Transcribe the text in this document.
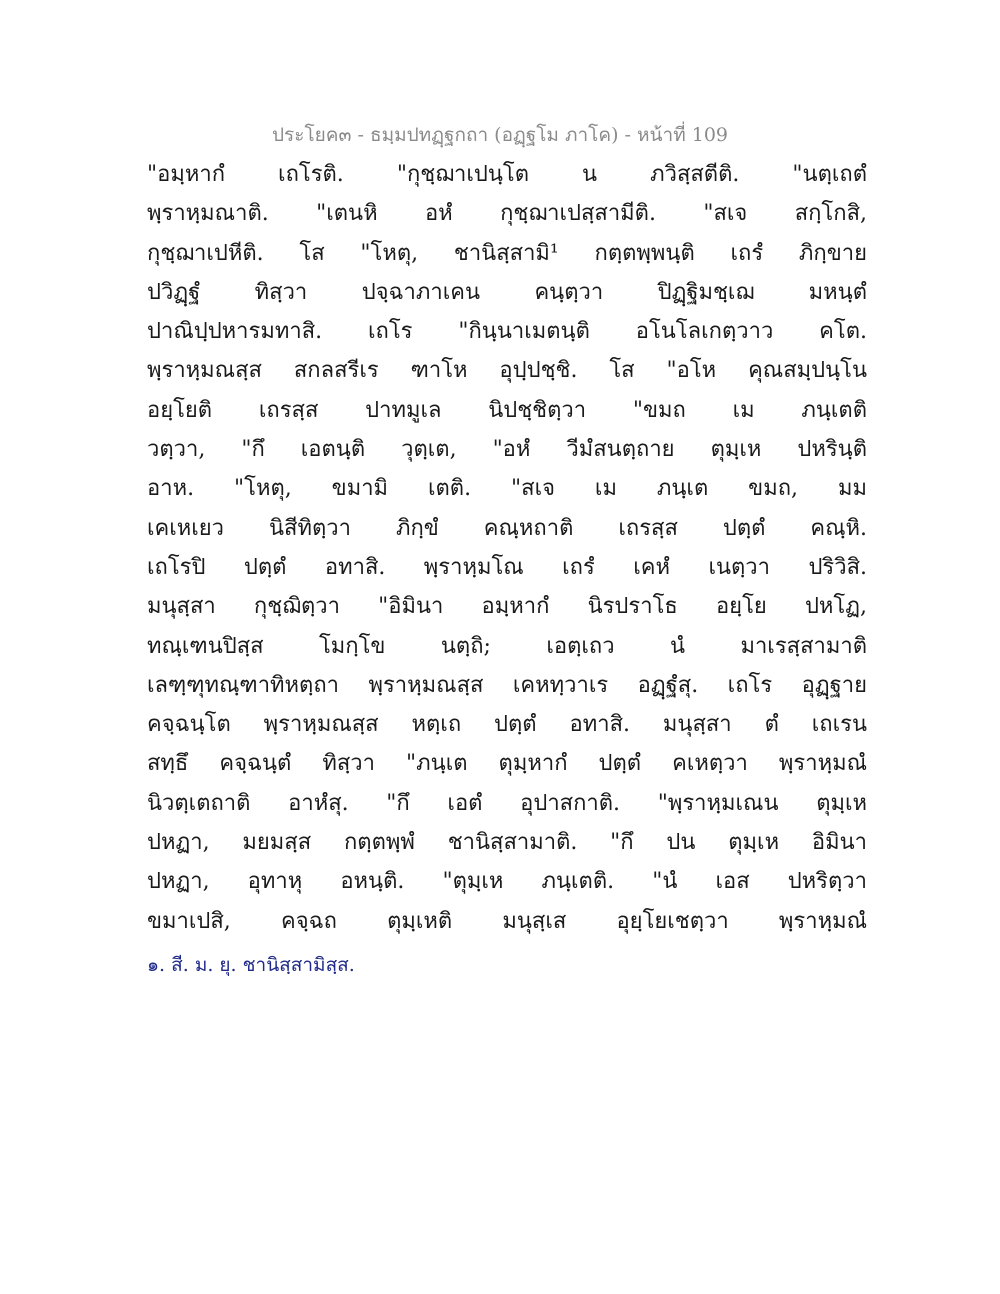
ประโยค๓ - ธมฺมปทฏฺฐกถา (อฏฺฐโม ภาโค) - หน้าที่ 109
"อมฺหากํ เถโรติ. "กุชฺฌาเปนฺโต น ภวิสฺสตีติ. "นตฺเถตํ
พฺราหฺมณาติ. "เตนหิ อหํ กุชฺฌาเปสฺสามีติ. "สเจ สกฺโกสิ,
กุชฺฌาเปหีติ. โส "โหตุ, ชานิสฺสามิ¹ กตฺตพฺพนฺติ เถรํ ภิกฺขาย
ปวิฏฺฐํ ทิสฺวา ปจฺฉาภาเคน คนฺตฺวา ปิฏฺฐิมชฺเฌ มหนฺตํ
ปาณิปฺปหารมทาสิ. เถโร "กินฺนาเมตนฺติ อโนโลเกตฺวาว คโต.
พฺราหฺมณสฺส สกลสรีเร ฑาโห อุปฺปชฺชิ. โส "อโห คุณสมฺปนฺโน
อยฺโยติ เถรสฺส ปาทมูเล นิปชฺชิตฺวา "ขมถ เม ภนฺเตติ
วตฺวา, "กึ เอตนฺติ วุตฺเต, "อหํ วีมํสนตฺถาย ตุมฺเห ปหรินฺติ
อาห. "โหตุ, ขมามิ เตติ. "สเจ เม ภนฺเต ขมถ, มม
เคเหเยว นิสีทิตฺวา ภิกฺขํ คณฺหถาติ เถรสฺส ปตฺตํ คณฺหิ.
เถโรปิ ปตฺตํ อทาสิ. พฺราหฺมโณ เถรํ เคหํ เนตฺวา ปริวิสิ.
มนุสฺสา กุชฺฌิตฺวา "อิมินา อมฺหากํ นิรปราโธ อยฺโย ปหโฏ,
ทณฺเฑนปิสฺส โมกฺโข นตฺถิ; เอตฺเถว นํ มาเรสฺสามาติ
เลฑฺฑุทณฺฑาทิหตฺถา พฺราหฺมณสฺส เคหทฺวาเร อฏฺฐํสุ. เถโร อุฏฺฐาย
คจฺฉนฺโต พฺราหฺมณสฺส หตฺเถ ปตฺตํ อทาสิ. มนุสฺสา ตํ เถเรน
สทฺธึ คจฺฉนฺตํ ทิสฺวา "ภนฺเต ตุมฺหากํ ปตฺตํ คเหตฺวา พฺราหฺมณํ
นิวตฺเตถาติ อาหํสุ. "กึ เอตํ อุปาสกาติ. "พฺราหฺมเณน ตุมฺเห
ปหฏา, มยมสฺส กตฺตพฺพํ ชานิสฺสามาติ. "กึ ปน ตุมฺเห อิมินา
ปหฏา, อุทาหุ อหนฺติ. "ตุมฺเห ภนฺเตติ. "นํ เอส ปหริตฺวา
ขมาเปสิ, คจฺฉถ ตุมฺเหติ มนุสฺเส อุยฺโยเชตฺวา พฺราหฺมณํ
๑. สี. ม. ยุ. ชานิสฺสามิสฺส.
